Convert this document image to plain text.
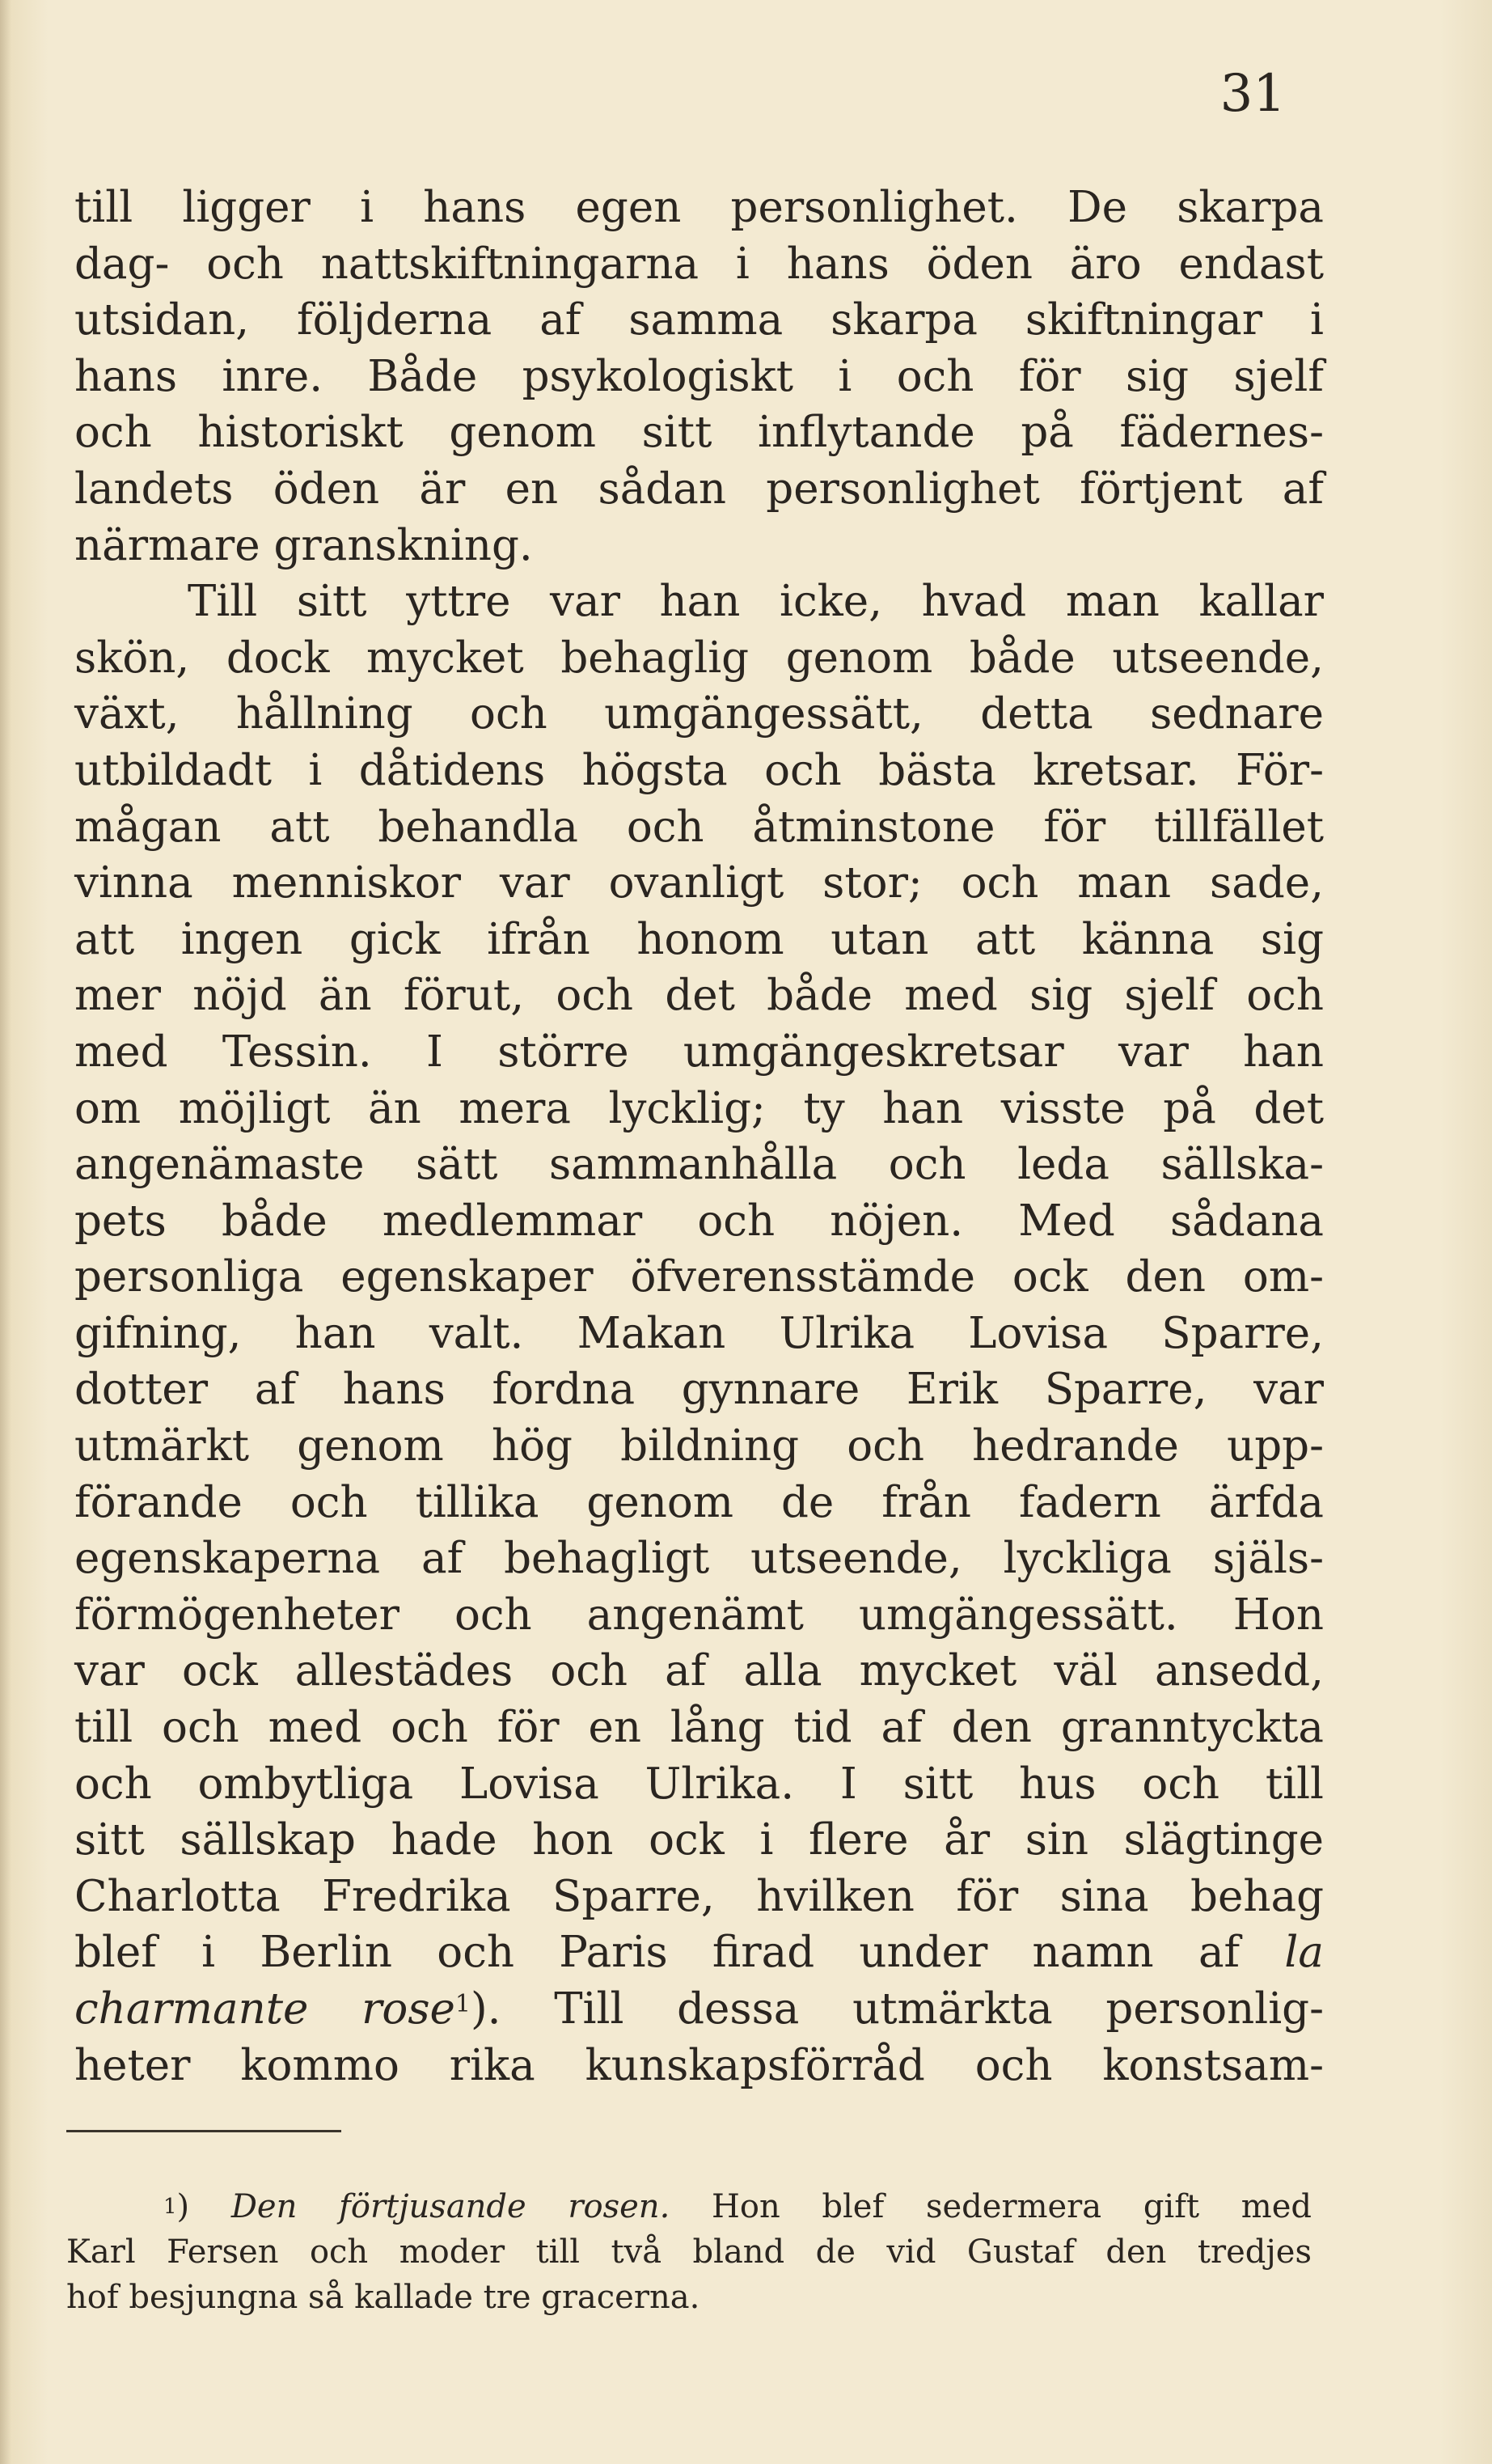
31
till ligger i hans egen personlighet. De skarpa
dag- och nattskiftningarna i hans öden äro endast
utsidan, följderna af samma skarpa skiftningar i
hans inre. Både psykologiskt i och för sig sjelf
och historiskt genom sitt inflytande på fädernes-
landets öden är en sådan personlighet förtjent af
närmare granskning.
Till sitt yttre var han icke, hvad man kallar
skön, dock mycket behaglig genom både utseende,
växt, hållning och umgängessätt, detta sednare
utbildadt i dåtidens högsta och bästa kretsar. För-
mågan att behandla och åtminstone för tillfället
vinna menniskor var ovanligt stor; och man sade,
att ingen gick ifrån honom utan att känna sig
mer nöjd än förut, och det både med sig sjelf och
med Tessin. I större umgängeskretsar var han
om möjligt än mera lycklig; ty han visste på det
angenämaste sätt sammanhålla och leda sällska-
pets både medlemmar och nöjen. Med sådana
personliga egenskaper öfverensstämde ock den om-
gifning, han valt. Makan Ulrika Lovisa Sparre,
dotter af hans fordna gynnare Erik Sparre, var
utmärkt genom hög bildning och hedrande upp-
förande och tillika genom de från fadern ärfda
egenskaperna af behagligt utseende, lyckliga själs-
förmögenheter och angenämt umgängessätt. Hon
var ock allestädes och af alla mycket väl ansedd,
till och med och för en lång tid af den granntyckta
och ombytliga Lovisa Ulrika. I sitt hus och till
sitt sällskap hade hon ock i flere år sin slägtinge
Charlotta Fredrika Sparre, hvilken för sina behag
blef i Berlin och Paris firad under namn af la
charmante rose$^1$). Till dessa utmärkta personlig-
heter kommo rika kunskapsförråd och konstsam-
$^1$) Den förtjusande rosen. Hon blef sedermera gift med
Karl Fersen och moder till två bland de vid Gustaf den tredjes
hof besjungna så kallade tre gracerna.
